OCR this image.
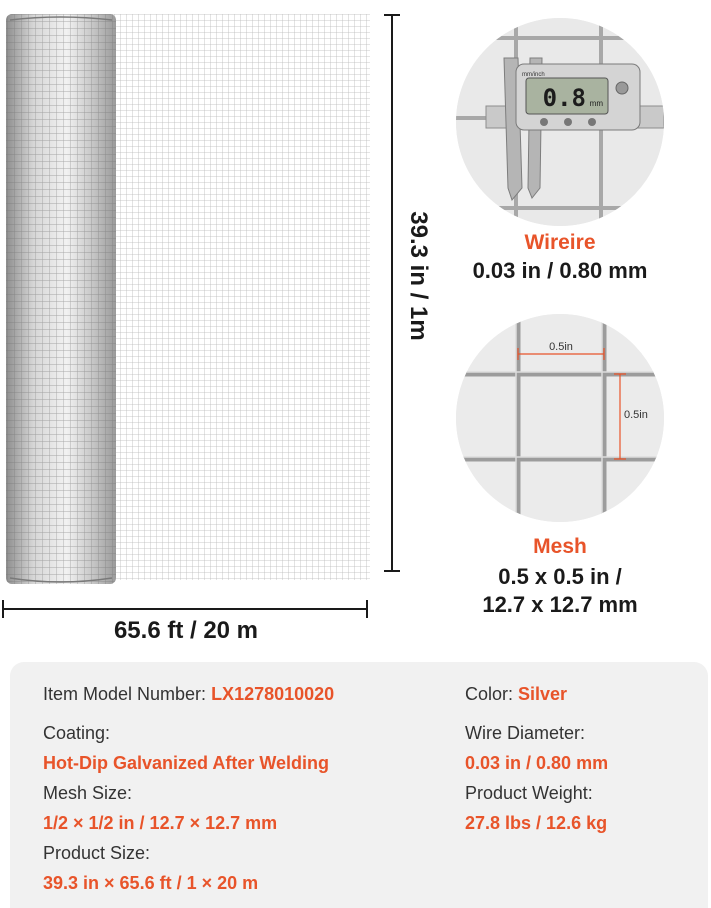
39.3 in / 1m
65.6 ft / 20 m
mm/inch
0.8 mm
Wireire
0.03 in / 0.80 mm
0.5in
0.5in
Mesh
0.5 x 0.5 in /
12.7 x 12.7 mm
Item Model Number: LX1278010020	Color: Silver
Coating:
Hot-Dip Galvanized After Welding
Wire Diameter:
0.03 in / 0.80 mm
Mesh Size:
1/2 × 1/2 in / 12.7 × 12.7 mm
Product Weight:
27.8 lbs / 12.6 kg
Product Size:
39.3 in × 65.6 ft / 1 × 20 m
